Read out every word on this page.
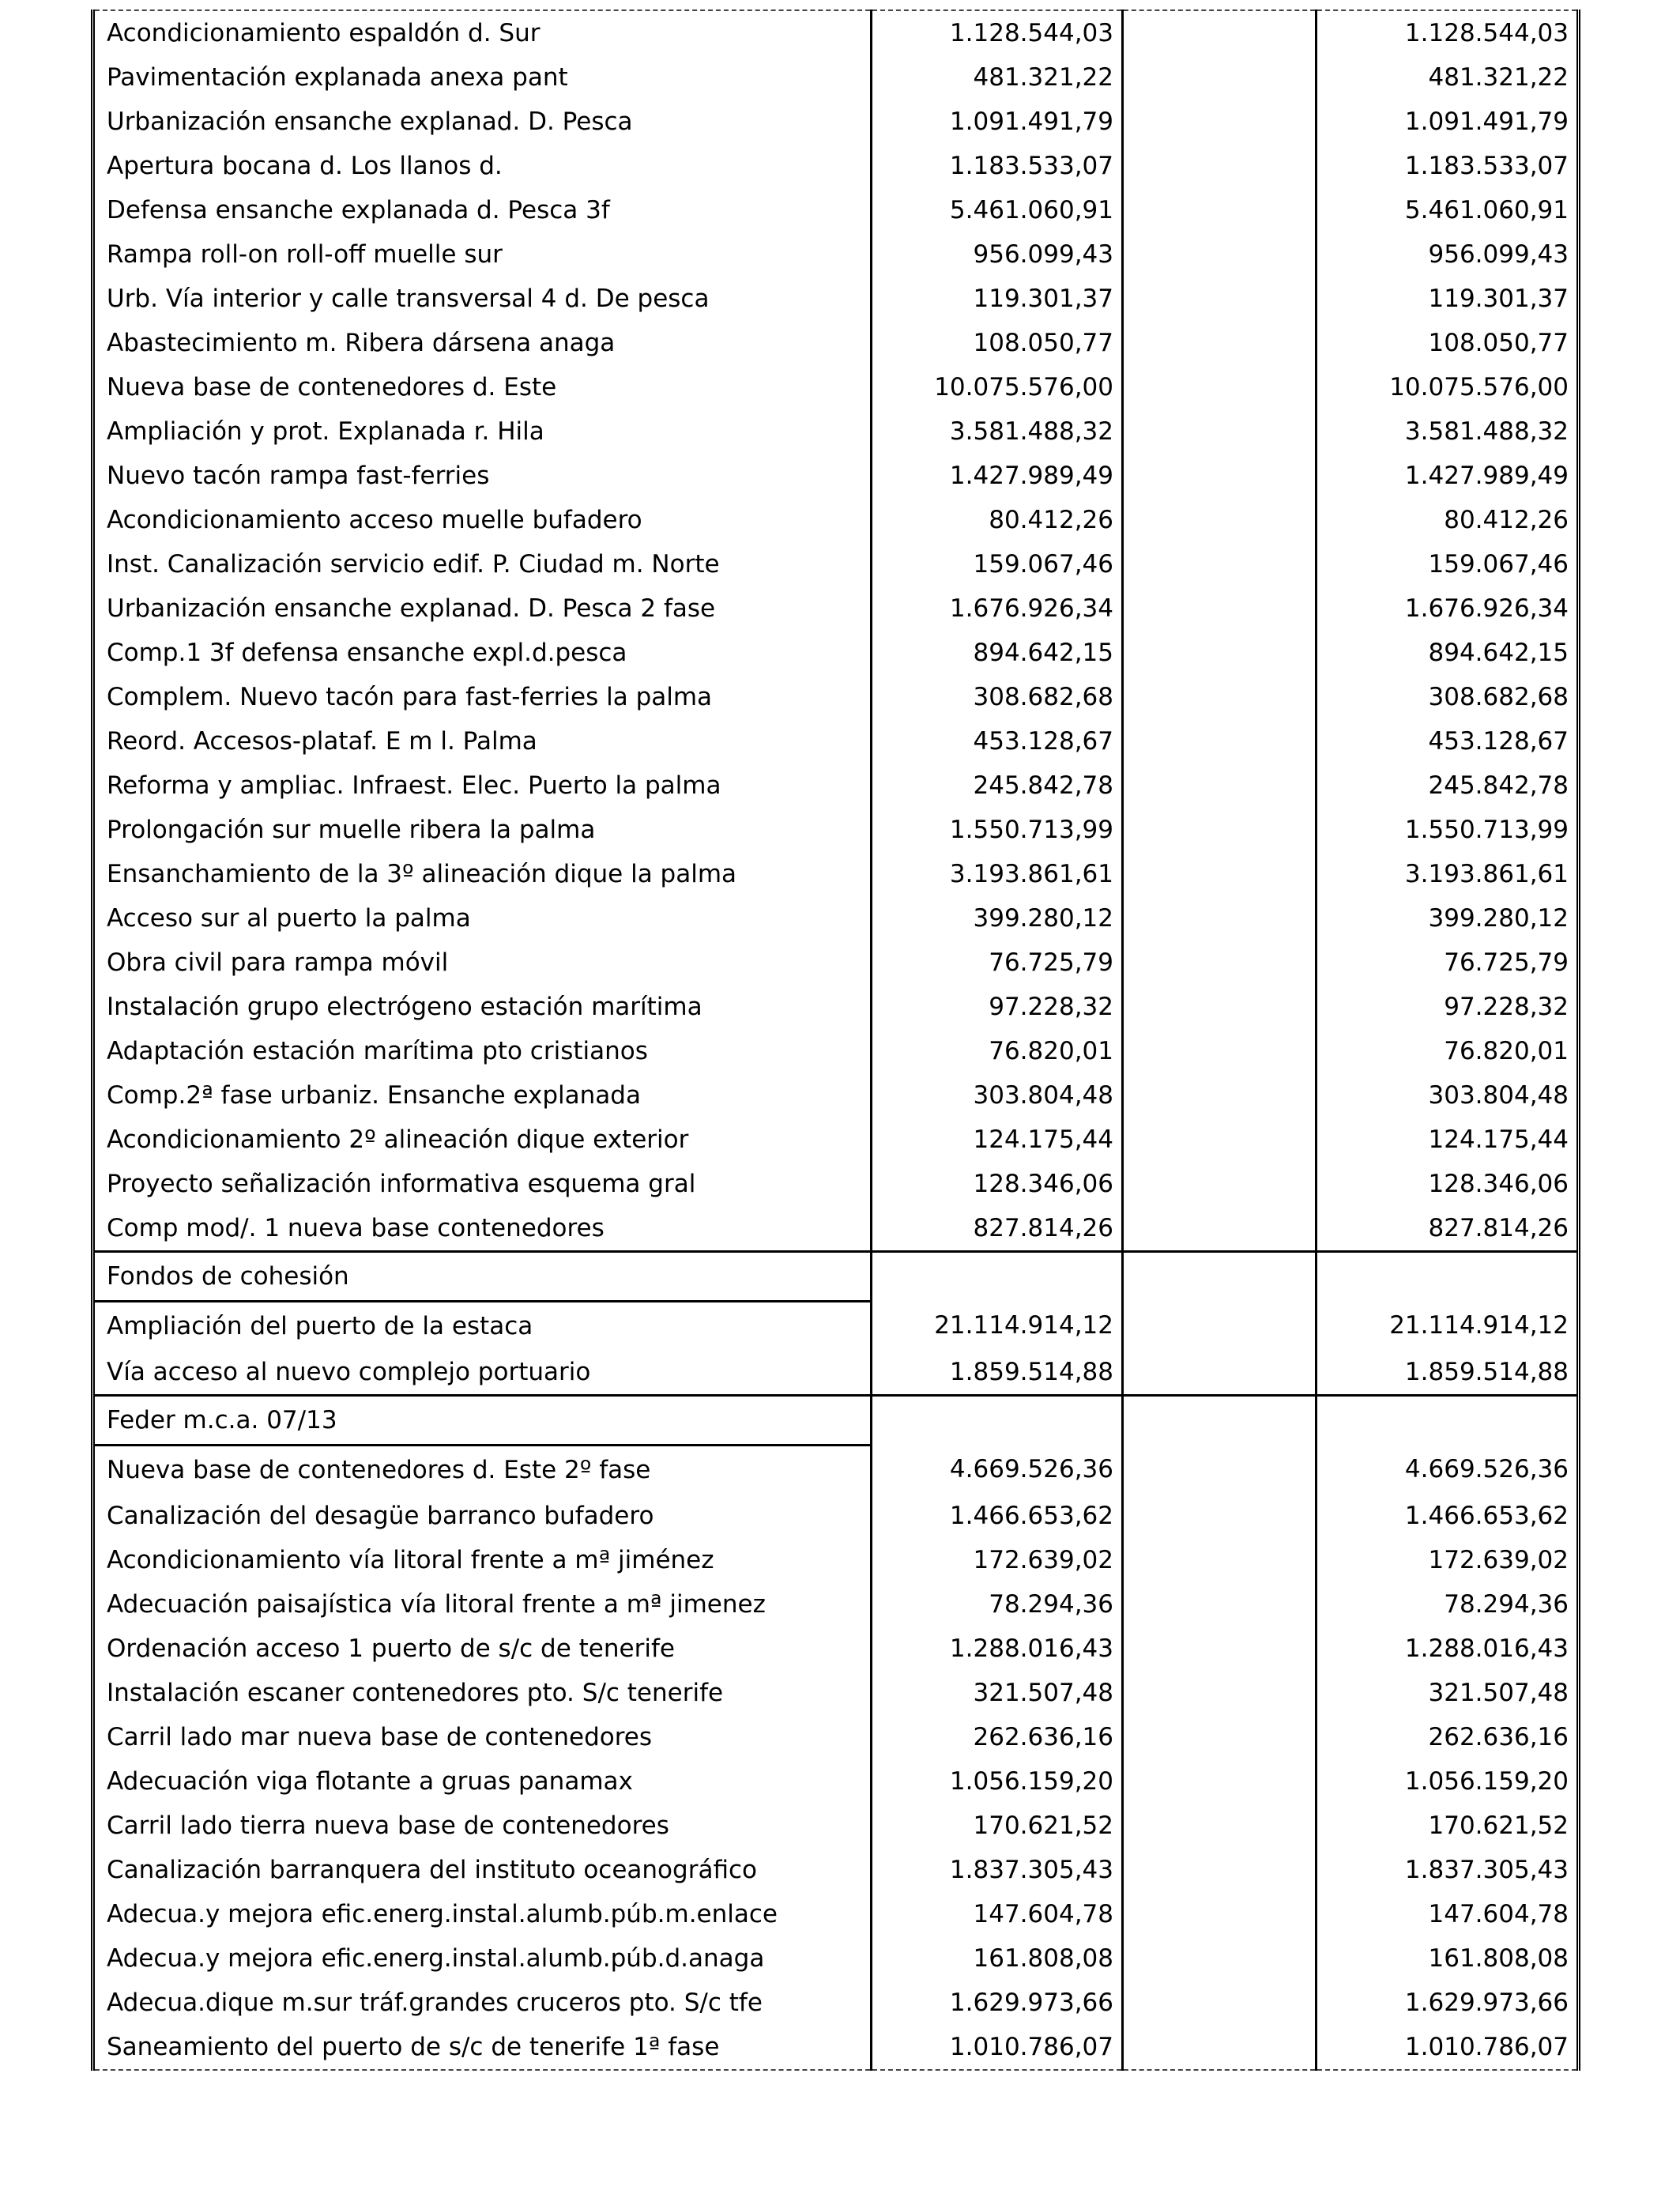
Acondicionamiento espaldón d. Sur	1.128.544,03		1.128.544,03
Pavimentación explanada anexa pant	481.321,22		481.321,22
Urbanización ensanche explanad. D. Pesca	1.091.491,79		1.091.491,79
Apertura bocana d. Los llanos d.	1.183.533,07		1.183.533,07
Defensa ensanche explanada d. Pesca 3f	5.461.060,91		5.461.060,91
Rampa roll-on roll-off muelle sur	956.099,43		956.099,43
Urb. Vía interior y calle transversal 4 d. De pesca	119.301,37		119.301,37
Abastecimiento m. Ribera dársena anaga	108.050,77		108.050,77
Nueva base de contenedores d. Este	10.075.576,00		10.075.576,00
Ampliación y prot. Explanada r. Hila	3.581.488,32		3.581.488,32
Nuevo tacón rampa fast-ferries	1.427.989,49		1.427.989,49
Acondicionamiento acceso muelle bufadero	80.412,26		80.412,26
Inst. Canalización servicio edif. P. Ciudad m. Norte	159.067,46		159.067,46
Urbanización ensanche explanad. D. Pesca 2 fase	1.676.926,34		1.676.926,34
Comp.1 3f defensa ensanche expl.d.pesca	894.642,15		894.642,15
Complem. Nuevo tacón para fast-ferries la palma	308.682,68		308.682,68
Reord. Accesos-plataf. E m l. Palma	453.128,67		453.128,67
Reforma y ampliac. Infraest. Elec. Puerto la palma	245.842,78		245.842,78
Prolongación sur muelle ribera la palma	1.550.713,99		1.550.713,99
Ensanchamiento de la 3º alineación dique la palma	3.193.861,61		3.193.861,61
Acceso sur al puerto la palma	399.280,12		399.280,12
Obra civil para rampa móvil	76.725,79		76.725,79
Instalación grupo electrógeno estación marítima	97.228,32		97.228,32
Adaptación estación marítima pto cristianos	76.820,01		76.820,01
Comp.2ª fase urbaniz. Ensanche explanada	303.804,48		303.804,48
Acondicionamiento 2º alineación dique exterior	124.175,44		124.175,44
Proyecto señalización informativa esquema gral	128.346,06		128.346,06
Comp mod/. 1 nueva base contenedores	827.814,26		827.814,26
Fondos de cohesión			
Ampliación del puerto de la estaca	21.114.914,12		21.114.914,12
Vía acceso al nuevo complejo portuario	1.859.514,88		1.859.514,88
Feder m.c.a. 07/13			
Nueva base de contenedores d. Este 2º fase	4.669.526,36		4.669.526,36
Canalización del desagüe barranco bufadero	1.466.653,62		1.466.653,62
Acondicionamiento vía litoral frente a mª jiménez	172.639,02		172.639,02
Adecuación paisajística vía litoral frente a mª jimenez	78.294,36		78.294,36
Ordenación acceso 1 puerto de s/c de tenerife	1.288.016,43		1.288.016,43
Instalación escaner contenedores pto. S/c tenerife	321.507,48		321.507,48
Carril lado mar nueva base de contenedores	262.636,16		262.636,16
Adecuación viga flotante a gruas panamax	1.056.159,20		1.056.159,20
Carril lado tierra nueva base de contenedores	170.621,52		170.621,52
Canalización barranquera del instituto oceanográfico	1.837.305,43		1.837.305,43
Adecua.y mejora efic.energ.instal.alumb.púb.m.enlace	147.604,78		147.604,78
Adecua.y mejora efic.energ.instal.alumb.púb.d.anaga	161.808,08		161.808,08
Adecua.dique m.sur tráf.grandes cruceros pto. S/c tfe	1.629.973,66		1.629.973,66
Saneamiento del puerto de s/c de tenerife 1ª fase	1.010.786,07		1.010.786,07
